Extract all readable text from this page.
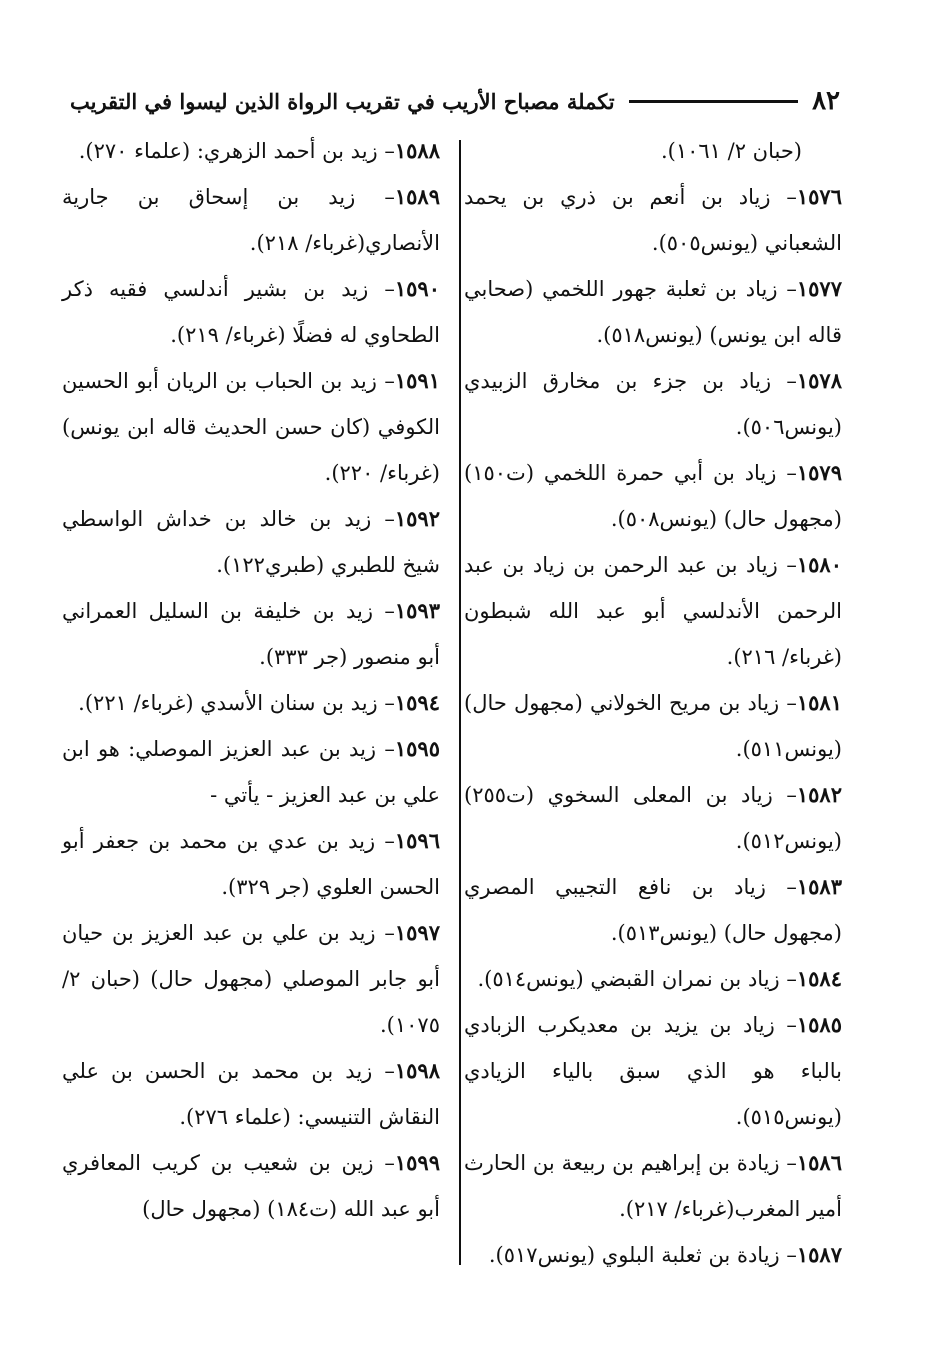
٨٢
تكملة مصباح الأريب في تقريب الرواة الذين ليسوا في التقريب
(حبان ٢/ ١٠٦١).
١٥٧٦– زياد بن أنعم بن ذري بن يحمد الشعباني (يونس٥٠٥).
١٥٧٧– زياد بن ثعلبة جهور اللخمي (صحابي قاله ابن يونس) (يونس٥١٨).
١٥٧٨– زياد بن جزء بن مخارق الزبيدي (يونس٥٠٦).
١٥٧٩– زياد بن أبي حمرة اللخمي (ت١٥٠) (مجهول حال) (يونس٥٠٨).
١٥٨٠– زياد بن عبد الرحمن بن زياد بن عبد الرحمن الأندلسي أبو عبد الله شبطون (غرباء/ ٢١٦).
١٥٨١– زياد بن مريح الخولاني (مجهول حال) (يونس٥١١).
١٥٨٢– زياد بن المعلى السخوي (ت٢٥٥) (يونس٥١٢).
١٥٨٣– زياد بن نافع التجيبي المصري (مجهول حال) (يونس٥١٣).
١٥٨٤– زياد بن نمران القبضي (يونس٥١٤).
١٥٨٥– زياد بن يزيد بن معديكرب الزبادي بالباء هو الذي سبق بالياء الزيادي (يونس٥١٥).
١٥٨٦– زيادة بن إبراهيم بن ربيعة بن الحارث أمير المغرب(غرباء/ ٢١٧).
١٥٨٧– زيادة بن ثعلبة البلوي (يونس٥١٧).
١٥٨٨– زيد بن أحمد الزهري: (علماء ٢٧٠).
١٥٨٩– زيد بن إسحاق بن جارية الأنصاري(غرباء/ ٢١٨).
١٥٩٠– زيد بن بشير أندلسي فقيه ذكر الطحاوي له فضلًا (غرباء/ ٢١٩).
١٥٩١– زيد بن الحباب بن الريان أبو الحسين الكوفي (كان حسن الحديث قاله ابن يونس) (غرباء/ ٢٢٠).
١٥٩٢– زيد بن خالد بن خداش الواسطي شيخ للطبري (طبري١٢٢).
١٥٩٣– زيد بن خليفة بن السليل العمراني أبو منصور (جر ٣٣٣).
١٥٩٤– زيد بن سنان الأسدي (غرباء/ ٢٢١).
١٥٩٥– زيد بن عبد العزيز الموصلي: هو ابن علي بن عبد العزيز - يأتي -
١٥٩٦– زيد بن عدي بن محمد بن جعفر أبو الحسن العلوي (جر ٣٢٩).
١٥٩٧– زيد بن علي بن عبد العزيز بن حيان أبو جابر الموصلي (مجهول حال) (حبان ٢/ ١٠٧٥).
١٥٩٨– زيد بن محمد بن الحسن بن علي النقاش التنيسي: (علماء ٢٧٦).
١٥٩٩– زين بن شعيب بن كريب المعافري أبو عبد الله (ت١٨٤) (مجهول حال)
